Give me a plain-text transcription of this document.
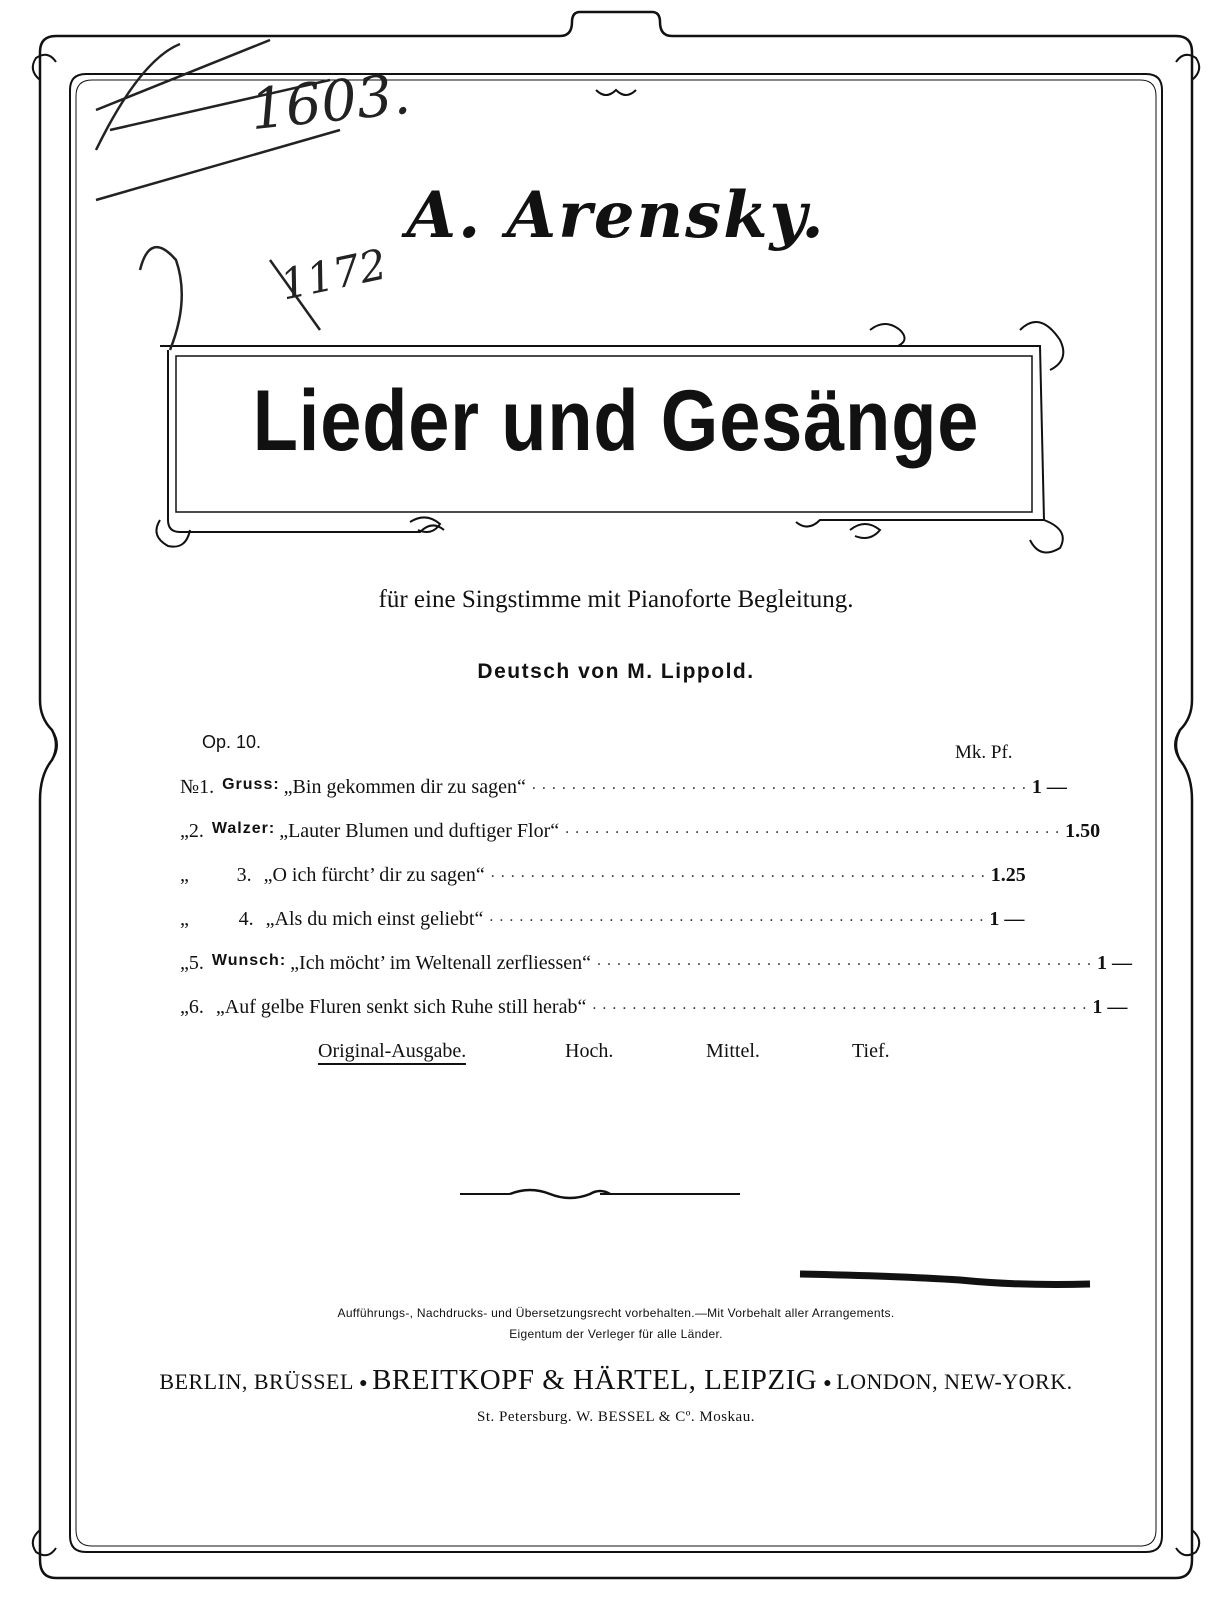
1603.
1172
A. Arensky.
Lieder und Gesänge
für eine Singstimme mit Pianoforte Begleitung.
Deutsch von M. Lippold.
Op. 10.	Mk. Pf.
№ 1. Gruss: „Bin gekommen dir zu sagen“ .................................................. 1 —
„ 2. Walzer: „Lauter Blumen und duftiger Flor“ .................................................. 1.50
„	3. „O ich fürcht’ dir zu sagen“ .................................................. 1.25
„	4. „Als du mich einst geliebt“ .................................................. 1 —
„ 5. Wunsch: „Ich möcht’ im Weltenall zerfliessen“ .................................................. 1 —
„ 6. „Auf gelbe Fluren senkt sich Ruhe still herab“ .................................................. 1 —
Original-Ausgabe.	Hoch.	Mittel.	Tief.
Aufführungs-, Nachdrucks- und Übersetzungsrecht vorbehalten.—Mit Vorbehalt aller Arrangements.
Eigentum der Verleger für alle Länder.
BERLIN, BRÜSSEL ● BREITKOPF & HÄRTEL, LEIPZIG ● LONDON, NEW-YORK.
St. Petersburg. W. BESSEL & Cº. Moskau.
